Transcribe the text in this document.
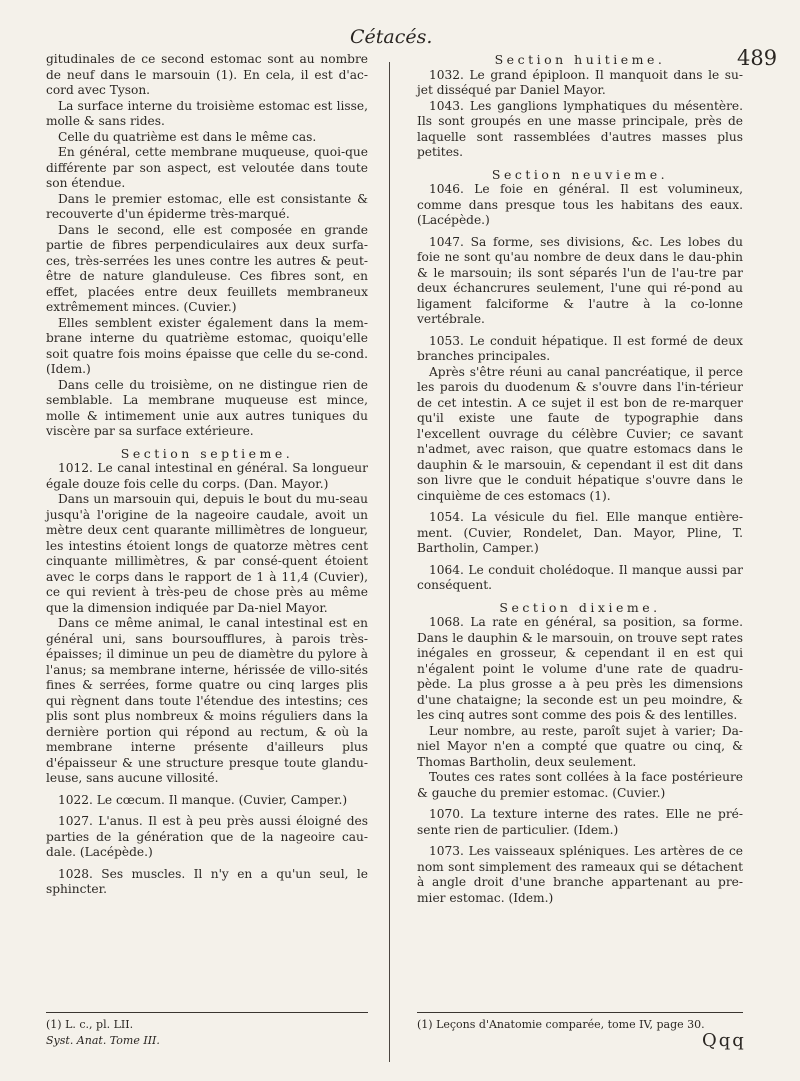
Cétacés.
489

gitudinales de ce second estomac sont au nombre de neuf dans le marsouin (1). En cela, il est d'ac-cord avec Tyson.

La surface interne du troisième estomac est lisse, molle & sans rides.

Celle du quatrième est dans le même cas.

En général, cette membrane muqueuse, quoi-que différente par son aspect, est veloutée dans toute son étendue.

Dans le premier estomac, elle est consistante & recouverte d'un épiderme très-marqué.

Dans le second, elle est composée en grande partie de fibres perpendiculaires aux deux surfa-ces, très-serrées les unes contre les autres & peut-être de nature glanduleuse. Ces fibres sont, en effet, placées entre deux feuillets membraneux extrêmement minces. (Cuvier.)

Elles semblent exister également dans la mem-brane interne du quatrième estomac, quoiqu'elle soit quatre fois moins épaisse que celle du se-cond. (Idem.)

Dans celle du troisième, on ne distingue rien de semblable. La membrane muqueuse est mince, molle & intimement unie aux autres tuniques du viscère par sa surface extérieure.

Section septieme.

1012. Le canal intestinal en général. Sa longueur égale douze fois celle du corps. (Dan. Mayor.)

Dans un marsouin qui, depuis le bout du mu-seau jusqu'à l'origine de la nageoire caudale, avoit un mètre deux cent quarante millimètres de longueur, les intestins étoient longs de quatorze mètres cent cinquante millimètres, & par consé-quent étoient avec le corps dans le rapport de 1 à 11,4 (Cuvier), ce qui revient à très-peu de chose près au même que la dimension indiquée par Da-niel Mayor.

Dans ce même animal, le canal intestinal est en général uni, sans boursoufflures, à parois très-épaisses; il diminue un peu de diamètre du pylore à l'anus; sa membrane interne, hérissée de villo-sités fines & serrées, forme quatre ou cinq larges plis qui règnent dans toute l'étendue des intestins; ces plis sont plus nombreux & moins réguliers dans la dernière portion qui répond au rectum, & où la membrane interne présente d'ailleurs plus d'épaisseur & une structure presque toute glandu-leuse, sans aucune villosité.

1022. Le cœcum. Il manque. (Cuvier, Camper.)

1027. L'anus. Il est à peu près aussi éloigné des parties de la génération que de la nageoire cau-dale. (Lacépède.)

1028. Ses muscles. Il n'y en a qu'un seul, le sphincter.

Section huitieme.

1032. Le grand épiploon. Il manquoit dans le su-jet disséqué par Daniel Mayor.

1043. Les ganglions lymphatiques du mésentère. Ils sont groupés en une masse principale, près de laquelle sont rassemblées d'autres masses plus petites.

Section neuvieme.

1046. Le foie en général. Il est volumineux, comme dans presque tous les habitans des eaux. (Lacépède.)

1047. Sa forme, ses divisions, &c. Les lobes du foie ne sont qu'au nombre de deux dans le dau-phin & le marsouin; ils sont séparés l'un de l'au-tre par deux échancrures seulement, l'une qui ré-pond au ligament falciforme & l'autre à la co-lonne vertébrale.

1053. Le conduit hépatique. Il est formé de deux branches principales.

Après s'être réuni au canal pancréatique, il perce les parois du duodenum & s'ouvre dans l'in-térieur de cet intestin. A ce sujet il est bon de re-marquer qu'il existe une faute de typographie dans l'excellent ouvrage du célèbre Cuvier; ce savant n'admet, avec raison, que quatre estomacs dans le dauphin & le marsouin, & cependant il est dit dans son livre que le conduit hépatique s'ouvre dans le cinquième de ces estomacs (1).

1054. La vésicule du fiel. Elle manque entière-ment. (Cuvier, Rondelet, Dan. Mayor, Pline, T. Bartholin, Camper.)

1064. Le conduit cholédoque. Il manque aussi par conséquent.

Section dixieme.

1068. La rate en général, sa position, sa forme. Dans le dauphin & le marsouin, on trouve sept rates inégales en grosseur, & cependant il en est qui n'égalent point le volume d'une rate de quadru-pède. La plus grosse a à peu près les dimensions d'une chataigne; la seconde est un peu moindre, & les cinq autres sont comme des pois & des lentilles.

Leur nombre, au reste, paroît sujet à varier; Da-niel Mayor n'en a compté que quatre ou cinq, & Thomas Bartholin, deux seulement.

Toutes ces rates sont collées à la face postérieure & gauche du premier estomac. (Cuvier.)

1070. La texture interne des rates. Elle ne pré-sente rien de particulier. (Idem.)

1073. Les vaisseaux spléniques. Les artères de ce nom sont simplement des rameaux qui se détachent à angle droit d'une branche appartenant au pre-mier estomac. (Idem.)

(1) L. c., pl. LII.
Syst. Anat. Tome III.
(1) Leçons d'Anatomie comparée, tome IV, page 30.
Qqq
